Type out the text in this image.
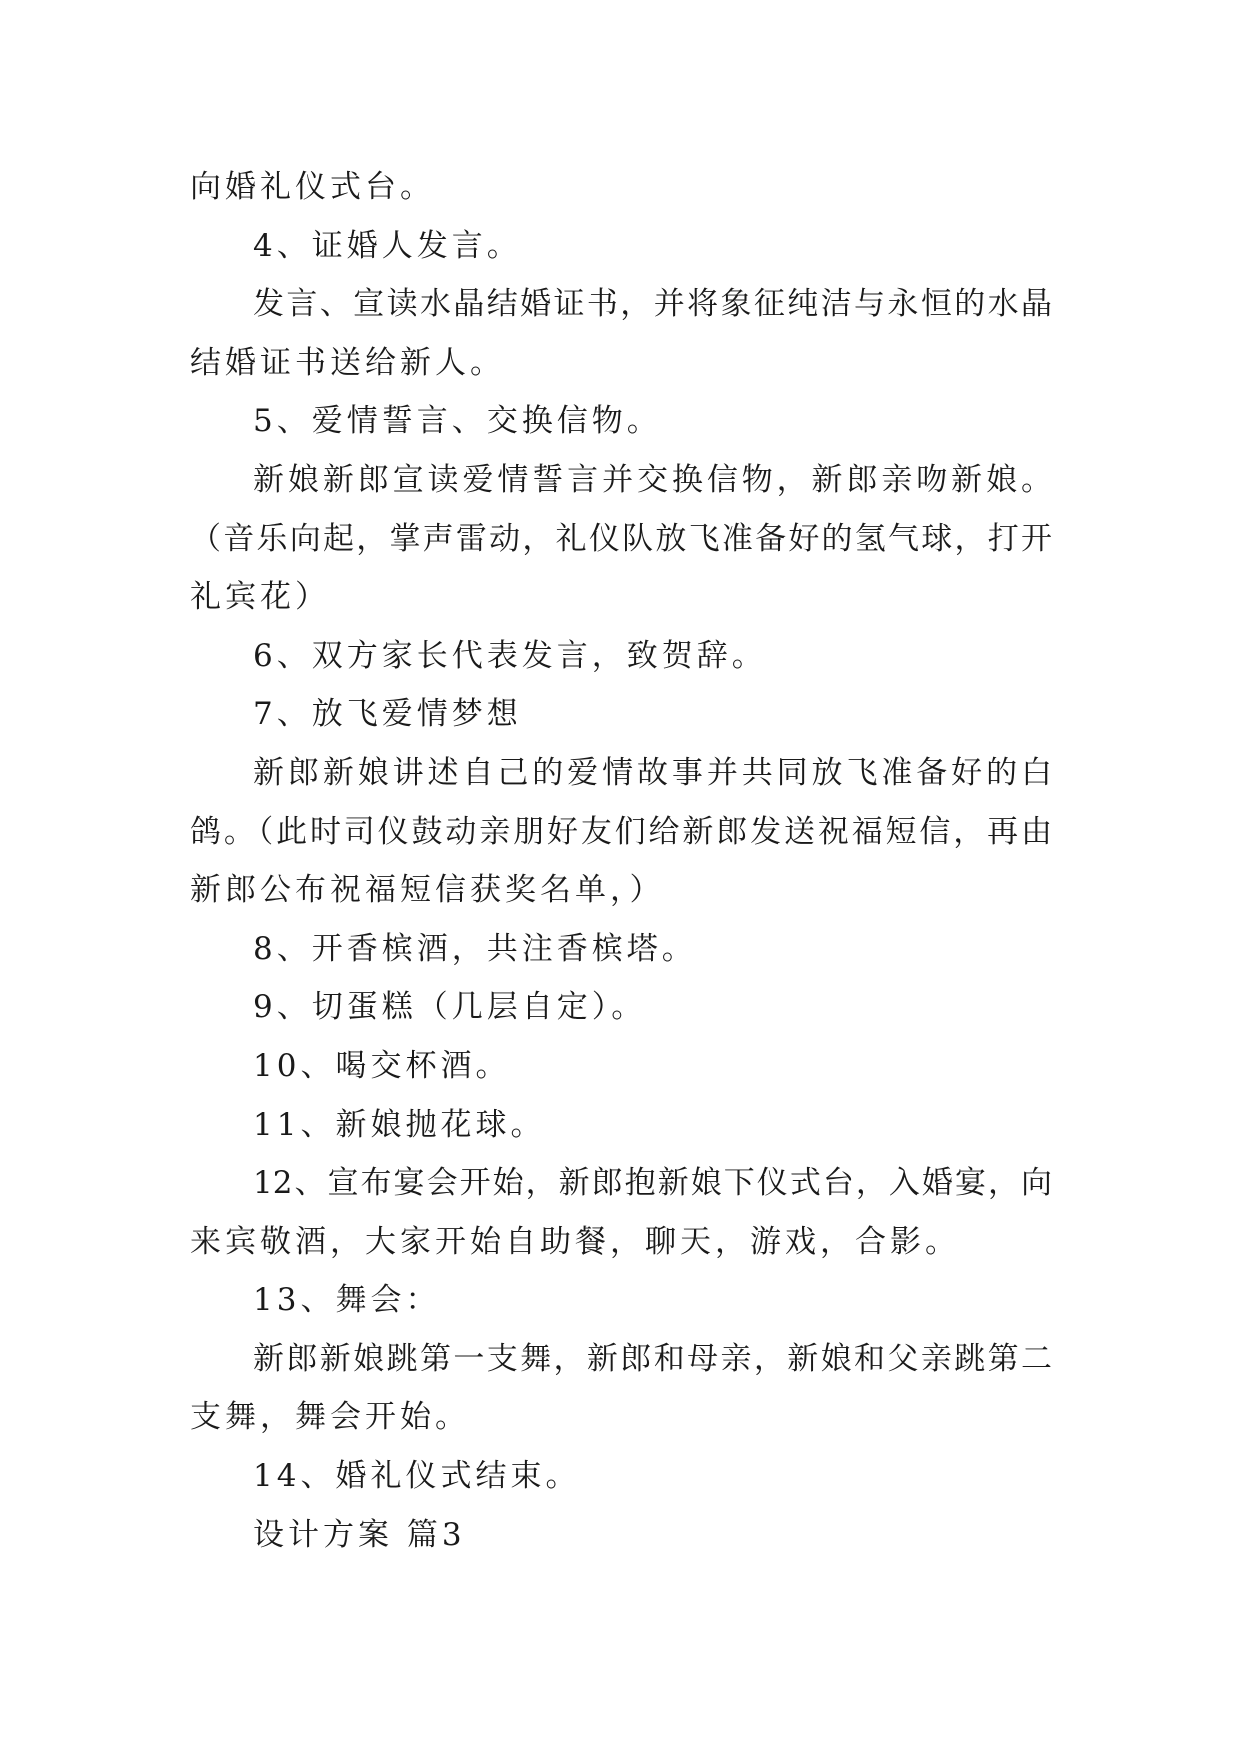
向婚礼仪式台。
4、证婚人发言。
发言、宣读水晶结婚证书，并将象征纯洁与永恒的水晶
结婚证书送给新人。
5、爱情誓言、交换信物。
新娘新郎宣读爱情誓言并交换信物，新郎亲吻新娘。
（音乐向起，掌声雷动，礼仪队放飞准备好的氢气球，打开
礼宾花）
6、双方家长代表发言，致贺辞。
7、放飞爱情梦想
新郎新娘讲述自己的爱情故事并共同放飞准备好的白
鸽。（此时司仪鼓动亲朋好友们给新郎发送祝福短信，再由
新郎公布祝福短信获奖名单，）
8、开香槟酒，共注香槟塔。
9、切蛋糕（几层自定）。
10、喝交杯酒。
11、新娘抛花球。
12、宣布宴会开始，新郎抱新娘下仪式台，入婚宴，向
来宾敬酒，大家开始自助餐，聊天，游戏，合影。
13、舞会：
新郎新娘跳第一支舞，新郎和母亲，新娘和父亲跳第二
支舞，舞会开始。
14、婚礼仪式结束。
设计方案 篇3
